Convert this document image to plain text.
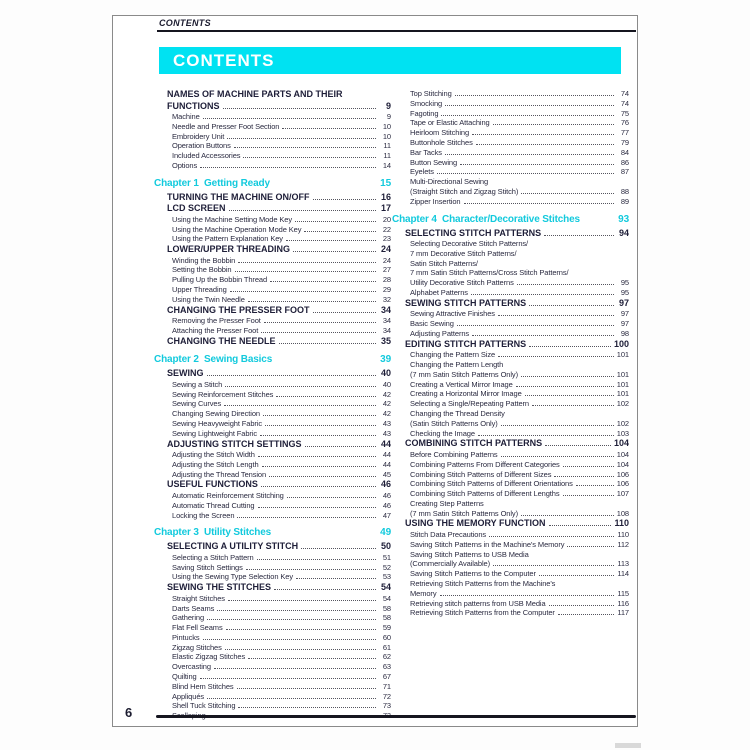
CONTENTS
CONTENTS
NAMES OF MACHINE PARTS AND THEIR
FUNCTIONS	9
Machine	9
Needle and Presser Foot Section	10
Embroidery Unit	10
Operation Buttons	11
Included Accessories	11
Options	14
Chapter 1  Getting Ready	15
TURNING THE MACHINE ON/OFF	16
LCD SCREEN	17
Using the Machine Setting Mode Key	20
Using the Machine Operation Mode Key	22
Using the Pattern Explanation Key	23
LOWER/UPPER THREADING	24
Winding the Bobbin	24
Setting the Bobbin	27
Pulling Up the Bobbin Thread	28
Upper Threading	29
Using the Twin Needle	32
CHANGING THE PRESSER FOOT	34
Removing the Presser Foot	34
Attaching the Presser Foot	34
CHANGING THE NEEDLE	35
Chapter 2  Sewing Basics	39
SEWING	40
Sewing a Stitch	40
Sewing Reinforcement Stitches	42
Sewing Curves	42
Changing Sewing Direction	42
Sewing Heavyweight Fabric	43
Sewing Lightweight Fabric	43
ADJUSTING STITCH SETTINGS	44
Adjusting the Stitch Width	44
Adjusting the Stitch Length	44
Adjusting the Thread Tension	45
USEFUL FUNCTIONS	46
Automatic Reinforcement Stitching	46
Automatic Thread Cutting	46
Locking the Screen	47
Chapter 3  Utility Stitches	49
SELECTING A UTILITY STITCH	50
Selecting a Stitch Pattern	51
Saving Stitch Settings	52
Using the Sewing Type Selection Key	53
SEWING THE STITCHES	54
Straight Stitches	54
Darts Seams	58
Gathering	58
Flat Fell Seams	59
Pintucks	60
Zigzag Stitches	61
Elastic Zigzag Stitches	62
Overcasting	63
Quilting	67
Blind Hem Stitches	71
Appliqués	72
Shell Tuck Stitching	73
Top Stitching	74
Smocking	74
Fagoting	75
Tape or Elastic Attaching	76
Heirloom Stitching	77
Buttonhole Stitches	79
Bar Tacks	84
Button Sewing	86
Eyelets	87
Multi-Directional Sewing
(Straight Stitch and Zigzag Stitch)	88
Zipper Insertion	89
Chapter 4  Character/Decorative Stitches	93
SELECTING STITCH PATTERNS	94
Selecting Decorative Stitch Patterns/
7 mm Decorative Stitch Patterns/
Satin Stitch Patterns/
7 mm Satin Stitch Patterns/Cross Stitch Patterns/
Utility Decorative Stitch Patterns	95
Alphabet Patterns	95
SEWING STITCH PATTERNS	97
Sewing Attractive Finishes	97
Basic Sewing	97
Adjusting Patterns	98
EDITING STITCH PATTERNS	100
Changing the Pattern Size	101
Changing the Pattern Length
(7 mm Satin Stitch Patterns Only)	101
Creating a Vertical Mirror Image	101
Creating a Horizontal Mirror Image	101
Selecting a Single/Repeating Pattern	102
Changing the Thread Density
(Satin Stitch Patterns Only)	102
Checking the Image	103
COMBINING STITCH PATTERNS	104
Before Combining Patterns	104
Combining Patterns From Different Categories	104
Combining Stitch Patterns of Different Sizes	106
Combining Stitch Patterns of Different Orientations	106
Combining Stitch Patterns of Different Lengths	107
Creating Step Patterns
(7 mm Satin Stitch Patterns Only)	108
USING THE MEMORY FUNCTION	110
Stitch Data Precautions	110
Saving Stitch Patterns in the Machine's Memory	112
Saving Stitch Patterns to USB Media
(Commercially Available)	113
Saving Stitch Patterns to the Computer	114
Retrieving Stitch Patterns from the Machine's
Memory	115
Retrieving stitch patterns from USB Media	116
Retrieving Stitch Patterns from the Computer	117
6
